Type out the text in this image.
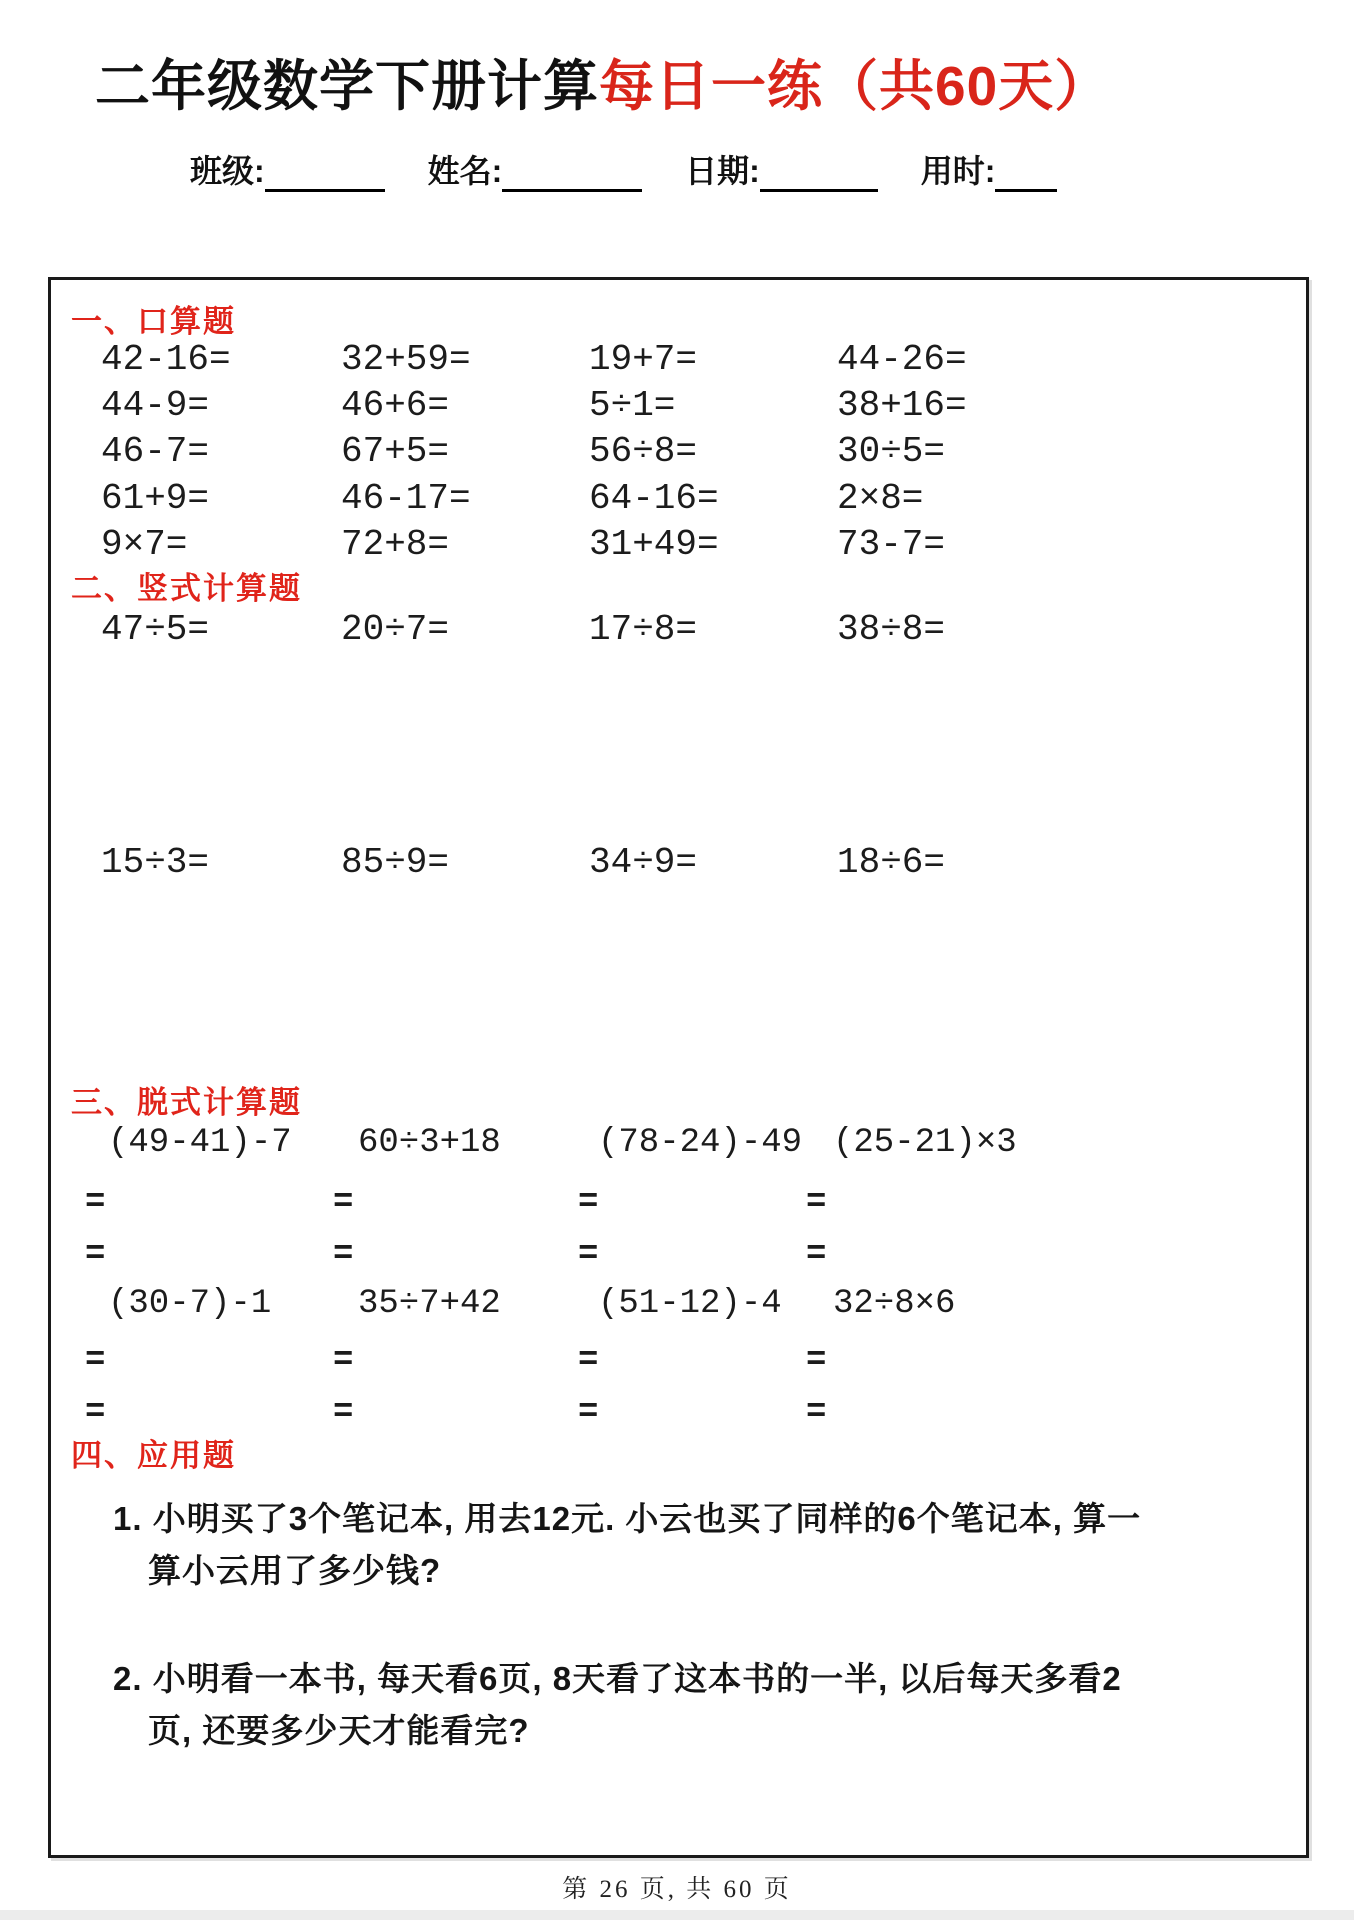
二年级数学下册计算每日一练（共60天）
班级:	姓名:	日期:	用时:
一、口算题
42-16=	32+59=	19+7=	44-26=
44-9=	46+6=	5÷1=	38+16=
46-7=	67+5=	56÷8=	30÷5=
61+9=	46-17=	64-16=	2×8=
9×7=	72+8=	31+49=	73-7=
二、竖式计算题
47÷5=	20÷7=	17÷8=	38÷8=
15÷3=	85÷9=	34÷9=	18÷6=
三、脱式计算题
(49-41)-7	60÷3+18	(78-24)-49 (25-21)×3
=	=	=	=
=	=	=	=
(30-7)-1	35÷7+42	(51-12)-4	32÷8×6
=	=	=	=
=	=	=	=
四、应用题
1. 小明买了3个笔记本, 用去12元. 小云也买了同样的6个笔记本, 算一
算小云用了多少钱?
2. 小明看一本书, 每天看6页, 8天看了这本书的一半, 以后每天多看2
页, 还要多少天才能看完?
第 26 页, 共 60 页
